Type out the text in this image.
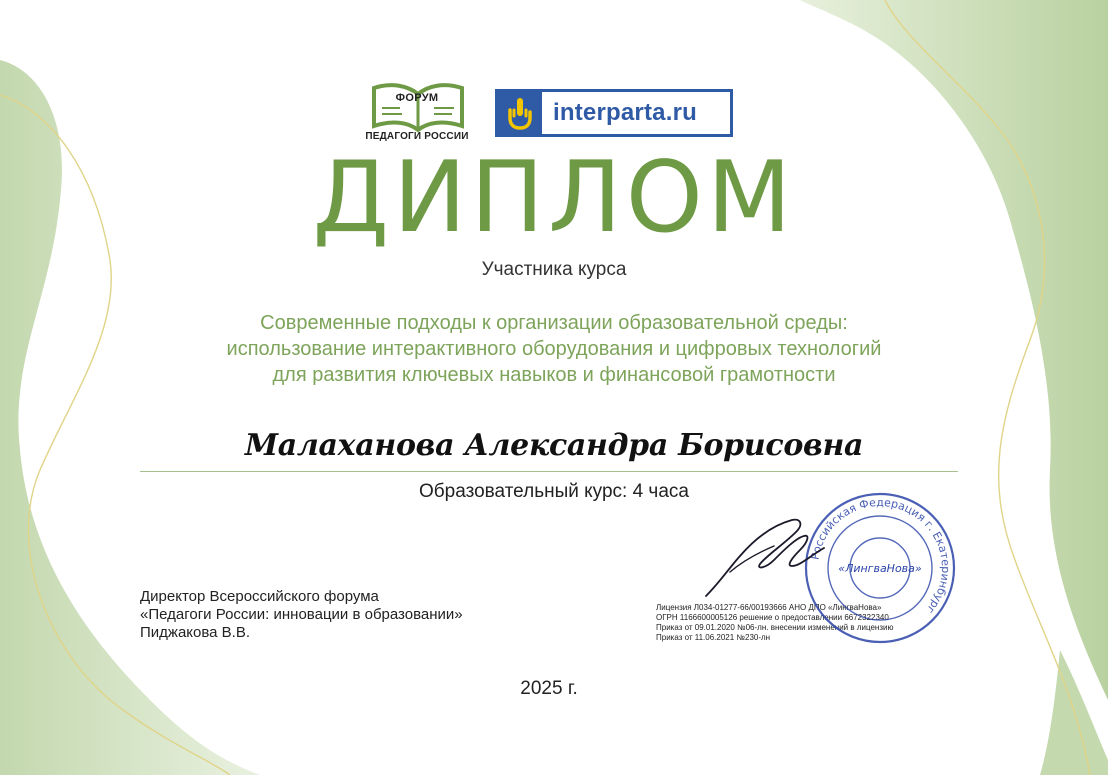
ФОРУМ
ПЕДАГОГИ РОССИИ
interparta.ru
ДИПЛОМ
Участника курса
Современные подходы к организации образовательной среды:
использование интерактивного оборудования и цифровых технологий
для развития ключевых навыков и финансовой грамотности
Малаханова Александра Борисовна
Образовательный курс: 4 часа
Директор Всероссийского форума
«Педагоги России: инновации в образовании»
Пиджакова В.В.
Лицензия Л034-01277-66/00193666 АНО ДПО «ЛингваНова»
ОГРН 1166600005126 решение о предоставлении 6672322340
Приказ от 09.01.2020 №06-лн. внесении изменений в лицензию
Приказ от 11.06.2021 №230-лн
Российская Федерация г. Екатеринбург
«ЛингваНова»
2025 г.
